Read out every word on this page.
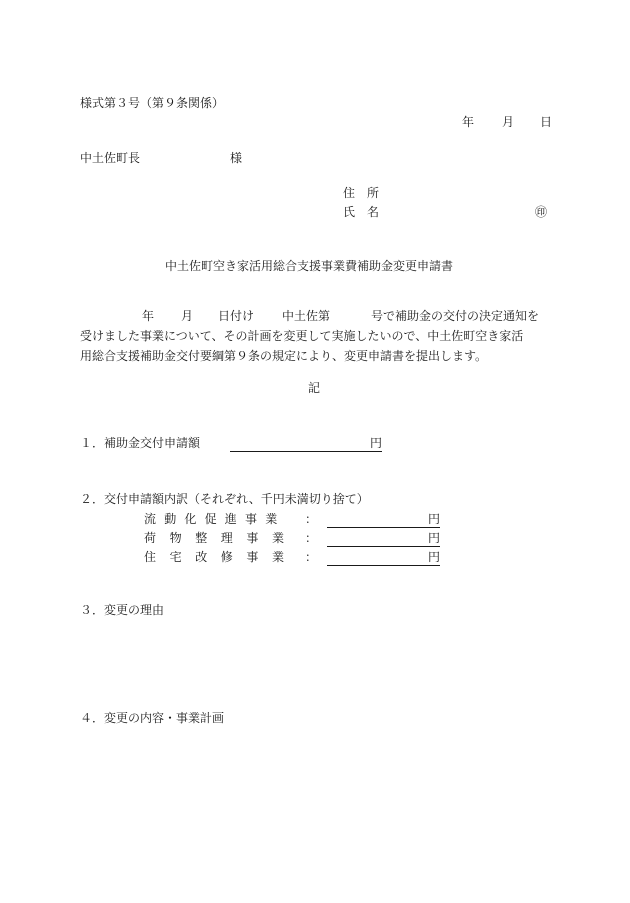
様式第３号（第９条関係）
年 月 日
中土佐町長	様
住　所
氏　名	㊞
中土佐町空き家活用総合支援事業費補助金変更申請書
年 月 日付け 中土佐第	号で補助金の交付の決定通知を
受けました事業について、その計画を変更して実施したいので、中土佐町空き家活
用総合支援補助金交付要綱第９条の規定により、変更申請書を提出します。
記
１．補助金交付申請額	円
２．交付申請額内訳（それぞれ、千円未満切り捨て）
流動化促進事業 ：	円
荷物整理事業 ：	円
住宅改修事業 ：	円
３．変更の理由
４．変更の内容・事業計画
